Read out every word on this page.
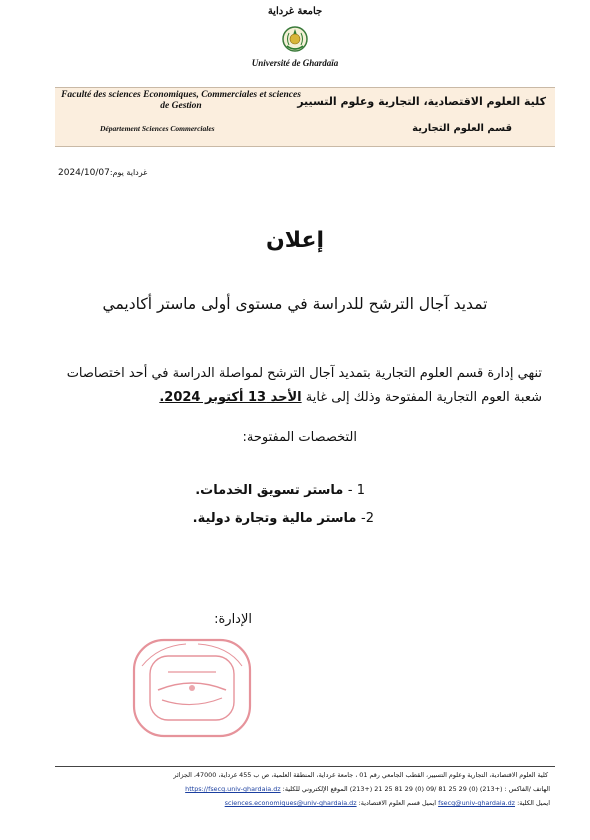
جامعة غرداية
Université de Ghardaïa
Faculté des sciences Economiques, Commerciales et sciences de Gestion
Département Sciences Commerciales
كلية العلوم الاقتصادية، التجارية وعلوم التسيير
قسم العلوم التجارية
2024/10/07غرداية يوم:
إعلان
تمديد آجال الترشح للدراسة في مستوى أولى ماستر أكاديمي
تنهي إدارة قسم العلوم التجارية بتمديد آجال الترشح لمواصلة الدراسة في أحد اختصاصات شعبة العوم التجارية المفتوحة وذلك إلى غاية الأحد 13 أكتوبر 2024.
التخصصات المفتوحة:
1 - ماستر تسويق الخدمات.
2- ماستر مالية وتجارة دولية.
الإدارة:
كلية العلوم الاقتصادية، التجارية وعلوم التسيير، القطب الجامعي رقم 01 ، جامعة غرداية، المنطقة العلمية، ص ب 455 غرداية، 47000، الجزائر
الهاتف /الفاكس : (213+) 21 25 81 29 (0) 09/ 81 25 29 (0) (213+) الموقع الإلكتروني للكلية: https://fsecg.univ-ghardaia.dz
ايميل الكلية: fsecg@univ-ghardaia.dz ايميل قسم العلوم الاقتصادية: sciences.economiques@univ-ghardaia.dz
